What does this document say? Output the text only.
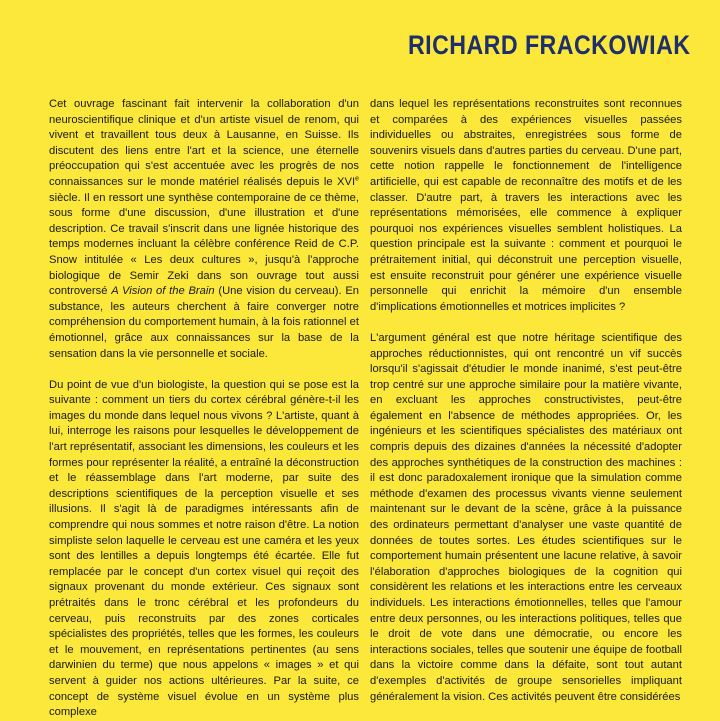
RICHARD FRACKOWIAK

Cet ouvrage fascinant fait intervenir la collaboration d'un neuroscientifique clinique et d'un artiste visuel de renom, qui vivent et travaillent tous deux à Lausanne, en Suisse. Ils discutent des liens entre l'art et la science, une éternelle préoccupation qui s'est accentuée avec les progrès de nos connaissances sur le monde matériel réalisés depuis le XVIe siècle. Il en ressort une synthèse contemporaine de ce thème, sous forme d'une discussion, d'une illustration et d'une description. Ce travail s'inscrit dans une lignée historique des temps modernes incluant la célèbre conférence Reid de C.P. Snow intitulée « Les deux cultures », jusqu'à l'approche biologique de Semir Zeki dans son ouvrage tout aussi controversé A Vision of the Brain (Une vision du cerveau). En substance, les auteurs cherchent à faire converger notre compréhension du comportement humain, à la fois rationnel et émotionnel, grâce aux connaissances sur la base de la sensation dans la vie personnelle et sociale.

Du point de vue d'un biologiste, la question qui se pose est la suivante : comment un tiers du cortex cérébral génère-t-il les images du monde dans lequel nous vivons ? L'artiste, quant à lui, interroge les raisons pour lesquelles le développement de l'art représentatif, associant les dimensions, les couleurs et les formes pour représenter la réalité, a entraîné la déconstruction et le réassemblage dans l'art moderne, par suite des descriptions scientifiques de la perception visuelle et ses illusions. Il s'agit là de paradigmes intéressants afin de comprendre qui nous sommes et notre raison d'être. La notion simpliste selon laquelle le cerveau est une caméra et les yeux sont des lentilles a depuis longtemps été écartée. Elle fut remplacée par le concept d'un cortex visuel qui reçoit des signaux provenant du monde extérieur. Ces signaux sont prétraités dans le tronc cérébral et les profondeurs du cerveau, puis reconstruits par des zones corticales spécialistes des propriétés, telles que les formes, les couleurs et le mouvement, en représentations pertinentes (au sens darwinien du terme) que nous appelons « images » et qui servent à guider nos actions ultérieures. Par la suite, ce concept de système visuel évolue en un système plus complexe

dans lequel les représentations reconstruites sont reconnues et comparées à des expériences visuelles passées individuelles ou abstraites, enregistrées sous forme de souvenirs visuels dans d'autres parties du cerveau. D'une part, cette notion rappelle le fonctionnement de l'intelligence artificielle, qui est capable de reconnaître des motifs et de les classer. D'autre part, à travers les interactions avec les représentations mémorisées, elle commence à expliquer pourquoi nos expériences visuelles semblent holistiques. La question principale est la suivante : comment et pourquoi le prétraitement initial, qui déconstruit une perception visuelle, est ensuite reconstruit pour générer une expérience visuelle personnelle qui enrichit la mémoire d'un ensemble d'implications émotionnelles et motrices implicites ?

L'argument général est que notre héritage scientifique des approches réductionnistes, qui ont rencontré un vif succès lorsqu'il s'agissait d'étudier le monde inanimé, s'est peut-être trop centré sur une approche similaire pour la matière vivante, en excluant les approches constructivistes, peut-être également en l'absence de méthodes appropriées. Or, les ingénieurs et les scientifiques spécialistes des matériaux ont compris depuis des dizaines d'années la nécessité d'adopter des approches synthétiques de la construction des machines : il est donc paradoxalement ironique que la simulation comme méthode d'examen des processus vivants vienne seulement maintenant sur le devant de la scène, grâce à la puissance des ordinateurs permettant d'analyser une vaste quantité de données de toutes sortes. Les études scientifiques sur le comportement humain présentent une lacune relative, à savoir l'élaboration d'approches biologiques de la cognition qui considèrent les relations et les interactions entre les cerveaux individuels. Les interactions émotionnelles, telles que l'amour entre deux personnes, ou les interactions politiques, telles que le droit de vote dans une démocratie, ou encore les interactions sociales, telles que soutenir une équipe de football dans la victoire comme dans la défaite, sont tout autant d'exemples d'activités de groupe sensorielles impliquant généralement la vision. Ces activités peuvent être considérées
